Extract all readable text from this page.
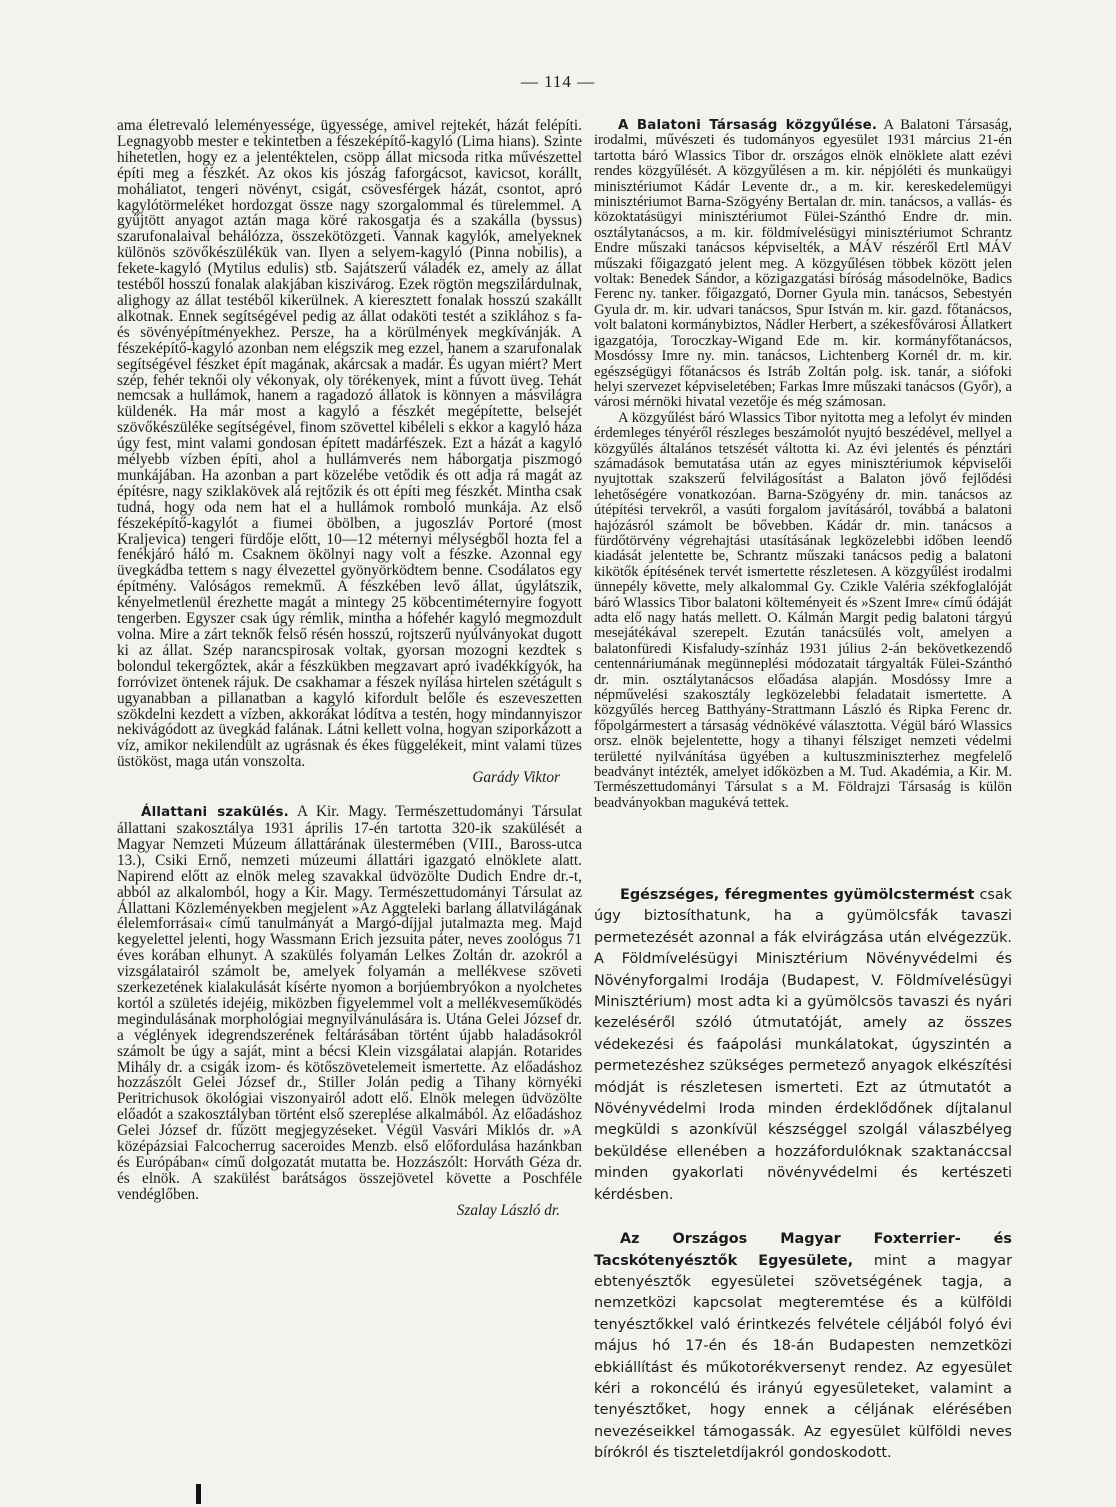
— 114 —

ama életrevaló leleményessége, ügyessége, amivel rejtekét, házát felépíti. Legnagyobb mester e tekintetben a fészeképítő-kagyló (Lima hians). Szinte hihetetlen, hogy ez a jelentéktelen, csöpp állat micsoda ritka művészettel építi meg a fészkét. Az okos kis jószág faforgácsot, kavicsot, korállt, moháliatot, tengeri növényt, csigát, csövesférgek házát, csontot, apró kagylótörmeléket hordozgat össze nagy szorgalommal és türelemmel. A gyűjtött anyagot aztán maga köré rakosgatja és a szakálla (byssus) szarufonalaival behálózza, összekötözgeti. Vannak kagylók, amelyeknek különös szövőkészülékük van. Ilyen a selyem-kagyló (Pinna nobilis), a fekete-kagyló (Mytilus edulis) stb. Sajátszerű váladék ez, amely az állat testéből hosszú fonalak alakjában kiszivárog. Ezek rögtön megszilárdulnak, alighogy az állat testéből kikerülnek. A kieresztett fonalak hosszú szakállt alkotnak. Ennek segítségével pedig az állat odaköti testét a sziklához s fa- és sövényépítményekhez. Persze, ha a körülmények megkívánják. A fészeképítő-kagyló azonban nem elégszik meg ezzel, hanem a szarufonalak segítségével fészket épít magának, akárcsak a madár. És ugyan miért? Mert szép, fehér teknői oly vékonyak, oly törékenyek, mint a fúvott üveg. Tehát nemcsak a hullámok, hanem a ragadozó állatok is könnyen a másvilágra küldenék. Ha már most a kagyló a fészkét megépítette, belsejét szövőkészüléke segítségével, finom szövettel kibéleli s ekkor a kagyló háza úgy fest, mint valami gondosan épített madárfészek. Ezt a házát a kagyló mélyebb vízben építi, ahol a hullámverés nem háborgatja piszmogó munkájában. Ha azonban a part közelébe vetődik és ott adja rá magát az építésre, nagy sziklakövek alá rejtőzik és ott építi meg fészkét. Mintha csak tudná, hogy oda nem hat el a hullámok romboló munkája. Az első fészeképítő-kagylót a fiumei öbölben, a jugoszláv Portoré (most Kraljevica) tengeri fürdője előtt, 10—12 méternyi mélységből hozta fel a fenékjáró háló m. Csaknem ökölnyi nagy volt a fészke. Azonnal egy üvegkádba tettem s nagy élvezettel gyönyörködtem benne. Csodálatos egy építmény. Valóságos remekmű. A fészkében levő állat, úgylátszik, kényelmetlenül érezhette magát a mintegy 25 köbcentiméternyire fogyott tengerben. Egyszer csak úgy rémlik, mintha a hófehér kagyló megmozdult volna. Mire a zárt teknők felső résén hosszú, rojtszerű nyúlványokat dugott ki az állat. Szép narancspirosak voltak, gyorsan mozogni kezdtek s bolondul tekergőztek, akár a fészkükben megzavart apró ivadékkígyók, ha forróvizet öntenek rájuk. De csakhamar a fészek nyílása hirtelen szétágult s ugyanabban a pillanatban a kagyló kifordult belőle és eszeveszetten szökdelni kezdett a vízben, akkorákat lódítva a testén, hogy mindannyiszor nekivágódott az üvegkád falának. Látni kellett volna, hogyan sziporkázott a víz, amikor nekilendült az ugrásnak és ékes függelékeit, mint valami tüzes üstököst, maga után vonszolta.

Garády Viktor

Állattani szakülés. A Kir. Magy. Természettudományi Társulat állattani szakosztálya 1931 április 17-én tartotta 320-ik szakülését a Magyar Nemzeti Múzeum állattárának ülestermében (VIII., Baross-utca 13.), Csiki Ernő, nemzeti múzeumi állattári igazgató elnöklete alatt. Napirend előtt az elnök meleg szavakkal üdvözölte Dudich Endre dr.-t, abból az alkalomból, hogy a Kir. Magy. Természettudományi Társulat az Állattani Közleményekben megjelent »Az Aggteleki barlang állatvilágának élelemforrásai« című tanulmányát a Margó-díjjal jutalmazta meg. Majd kegyelettel jelenti, hogy Wassmann Erich jezsuita páter, neves zoológus 71 éves korában elhunyt. A szakülés folyamán Lelkes Zoltán dr. azokról a vizsgálatairól számolt be, amelyek folyamán a mellékvese szöveti szerkezetének kialakulását kísérte nyomon a borjúembryókon a nyolchetes kortól a születés idejéig, miközben figyelemmel volt a mellékveseműködés megindulásának morphológiai megnyilvánulására is. Utána Gelei József dr. a véglények idegrendszerének feltárásában történt újabb haladásokról számolt be úgy a saját, mint a bécsi Klein vizsgálatai alapján. Rotarides Mihály dr. a csigák izom- és kötőszövetelemeit ismertette. Az előadáshoz hozzászólt Gelei József dr., Stiller Jolán pedig a Tihany környéki Peritrichusok ökológiai viszonyairól adott elő. Elnök melegen üdvözölte előadót a szakosztályban történt első szereplése alkalmából. Az előadáshoz Gelei József dr. fűzött megjegyzéseket. Végül Vasvári Miklós dr. »A középázsiai Falcocherrug saceroides Menzb. első előfordulása hazánkban és Európában« című dolgozatát mutatta be. Hozzászólt: Horváth Géza dr. és elnök. A szakülést barátságos összejövetel követte a Poschféle vendéglőben.

Szalay László dr.

A Balatoni Társaság közgyűlése. A Balatoni Társaság, irodalmi, művészeti és tudományos egyesület 1931 március 21-én tartotta báró Wlassics Tibor dr. országos elnök elnöklete alatt ezévi rendes közgyűlését. A közgyűlésen a m. kir. népjóléti és munkaügyi minisztériumot Kádár Levente dr., a m. kir. kereskedelemügyi minisztériumot Barna-Szögyény Bertalan dr. min. tanácsos, a vallás- és közoktatásügyi minisztériumot Fülei-Szánthó Endre dr. min. osztálytanácsos, a m. kir. földmívelésügyi minisztériumot Schrantz Endre műszaki tanácsos képviselték, a MÁV részéről Ertl MÁV műszaki főigazgató jelent meg. A közgyűlésen többek között jelen voltak: Benedek Sándor, a közigazgatási bíróság másodelnöke, Badics Ferenc ny. tanker. főigazgató, Dorner Gyula min. tanácsos, Sebestyén Gyula dr. m. kir. udvari tanácsos, Spur István m. kir. gazd. főtanácsos, volt balatoni kormánybiztos, Nádler Herbert, a székesfővárosi Állatkert igazgatója, Toroczkay-Wigand Ede m. kir. kormányfőtanácsos, Mosdóssy Imre ny. min. tanácsos, Lichtenberg Kornél dr. m. kir. egészségügyi főtanácsos és Istráb Zoltán polg. isk. tanár, a siófoki helyi szervezet képviseletében; Farkas Imre műszaki tanácsos (Győr), a városi mérnöki hivatal vezetője és még számosan.

A közgyűlést báró Wlassics Tibor nyitotta meg a lefolyt év minden érdemleges tényéről részleges beszámolót nyujtó beszédével, mellyel a közgyűlés általános tetszését váltotta ki. Az évi jelentés és pénztári számadások bemutatása után az egyes minisztériumok képviselői nyujtottak szakszerű felvilágosítást a Balaton jövő fejlődési lehetőségére vonatkozóan. Barna-Szögyény dr. min. tanácsos az útépítési tervekről, a vasúti forgalom javításáról, továbbá a balatoni hajózásról számolt be bővebben. Kádár dr. min. tanácsos a fürdőtörvény végrehajtási utasításának legközelebbi időben leendő kiadását jelentette be, Schrantz műszaki tanácsos pedig a balatoni kikötők építésének tervét ismertette részletesen. A közgyűlést irodalmi ünnepély követte, mely alkalommal Gy. Czikle Valéria székfoglalóját báró Wlassics Tibor balatoni költeményeit és »Szent Imre« című ódáját adta elő nagy hatás mellett. O. Kálmán Margit pedig balatoni tárgyú mesejátékával szerepelt. Ezután tanácsülés volt, amelyen a balatonfüredi Kisfaludy-színház 1931 július 2-án bekövetkezendő centennáriumának megünneplési módozatait tárgyalták Fülei-Szánthó dr. min. osztálytanácsos előadása alapján. Mosdóssy Imre a népművelési szakosztály legközelebbi feladatait ismertette. A közgyűlés herceg Batthyány-Strattmann László és Ripka Ferenc dr. főpolgármestert a társaság védnökévé választotta. Végül báró Wlassics orsz. elnök bejelentette, hogy a tihanyi félsziget nemzeti védelmi területté nyilvánítása ügyében a kultuszminiszterhez megfelelő beadványt intézték, amelyet időközben a M. Tud. Akadémia, a Kir. M. Természettudományi Társulat s a M. Földrajzi Társaság is külön beadványokban magukévá tettek.

Egészséges, féregmentes gyümölcstermést csak úgy biztosíthatunk, ha a gyümölcsfák tavaszi permetezését azonnal a fák elvirágzása után elvégezzük. A Földmívelésügyi Minisztérium Növényvédelmi és Növényforgalmi Irodája (Budapest, V. Földmívelésügyi Minisztérium) most adta ki a gyümölcsös tavaszi és nyári kezeléséről szóló útmutatóját, amely az összes védekezési és faápolási munkálatokat, úgyszintén a permetezéshez szükséges permetező anyagok elkészítési módját is részletesen ismerteti. Ezt az útmutatót a Növényvédelmi Iroda minden érdeklődőnek díjtalanul megküldi s azonkívül készséggel szolgál válaszbélyeg beküldése ellenében a hozzáfordulóknak szaktanáccsal minden gyakorlati növényvédelmi és kertészeti kérdésben.

Az Országos Magyar Foxterrier- és Tacskótenyésztők Egyesülete, mint a magyar ebtenyésztők egyesületei szövetségének tagja, a nemzetközi kapcsolat megteremtése és a külföldi tenyésztőkkel való érintkezés felvétele céljából folyó évi május hó 17-én és 18-án Budapesten nemzetközi ebkiállítást és műkotorékversenyt rendez. Az egyesület kéri a rokoncélú és irányú egyesületeket, valamint a tenyésztőket, hogy ennek a céljának elérésében nevezéseikkel támogassák. Az egyesület külföldi neves bírókról és tiszteletdíjakról gondoskodott.
